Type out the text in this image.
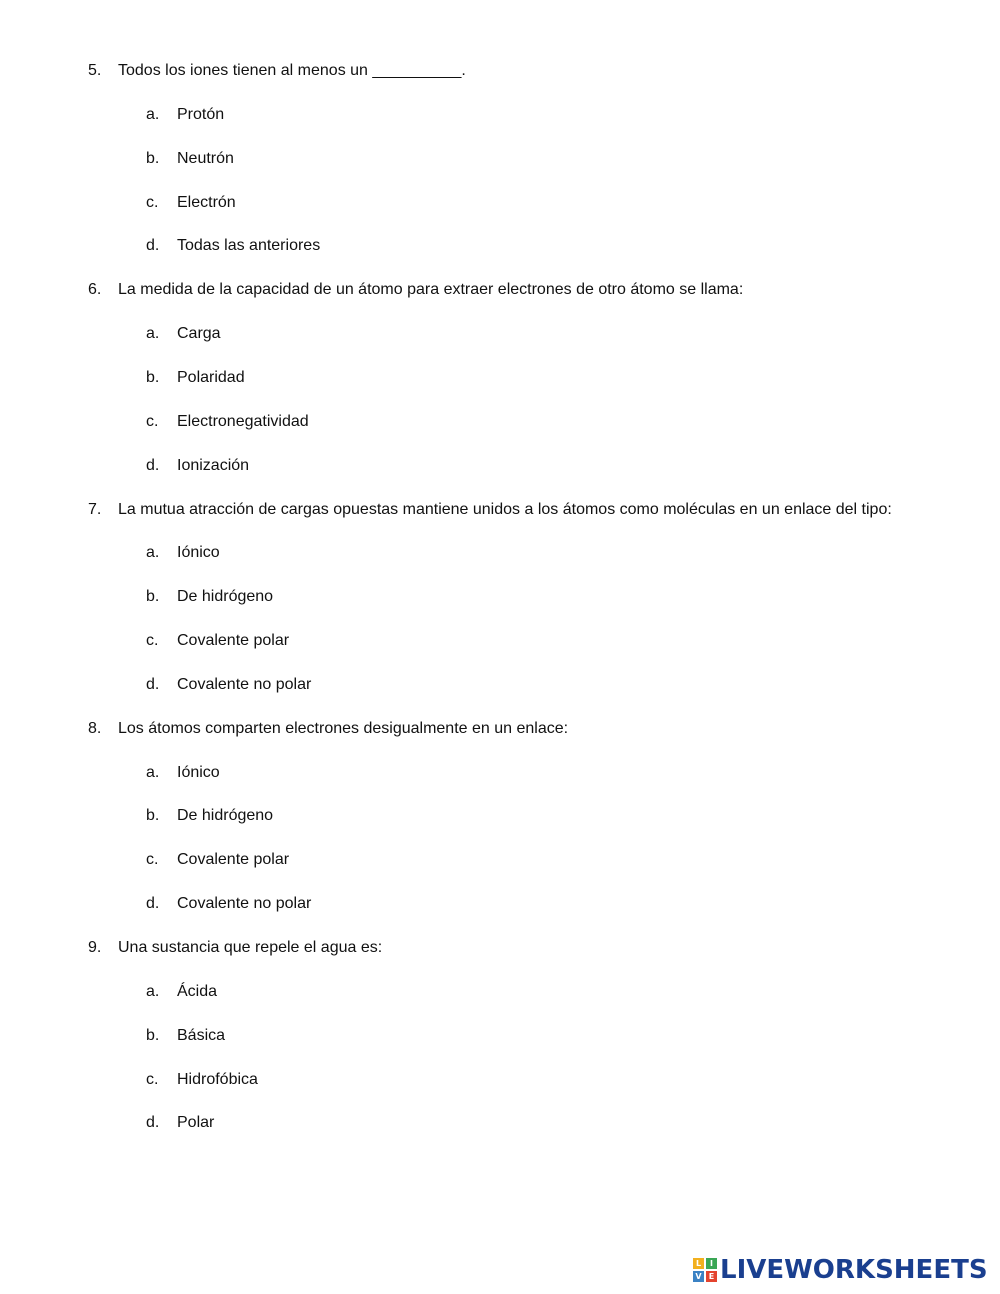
5. Todos los iones tienen al menos un __________.
a. Protón
b. Neutrón
c. Electrón
d. Todas las anteriores
6. La medida de la capacidad de un átomo para extraer electrones de otro átomo se llama:
a. Carga
b. Polaridad
c. Electronegatividad
d. Ionización
7. La mutua atracción de cargas opuestas mantiene unidos a los átomos como moléculas en un enlace del tipo:
a. Iónico
b. De hidrógeno
c. Covalente polar
d. Covalente no polar
8. Los átomos comparten electrones desigualmente en un enlace:
a. Iónico
b. De hidrógeno
c. Covalente polar
d. Covalente no polar
9. Una sustancia que repele el agua es:
a. Ácida
b. Básica
c. Hidrofóbica
d. Polar
L	I
V E LIVEWORKSHEETS
